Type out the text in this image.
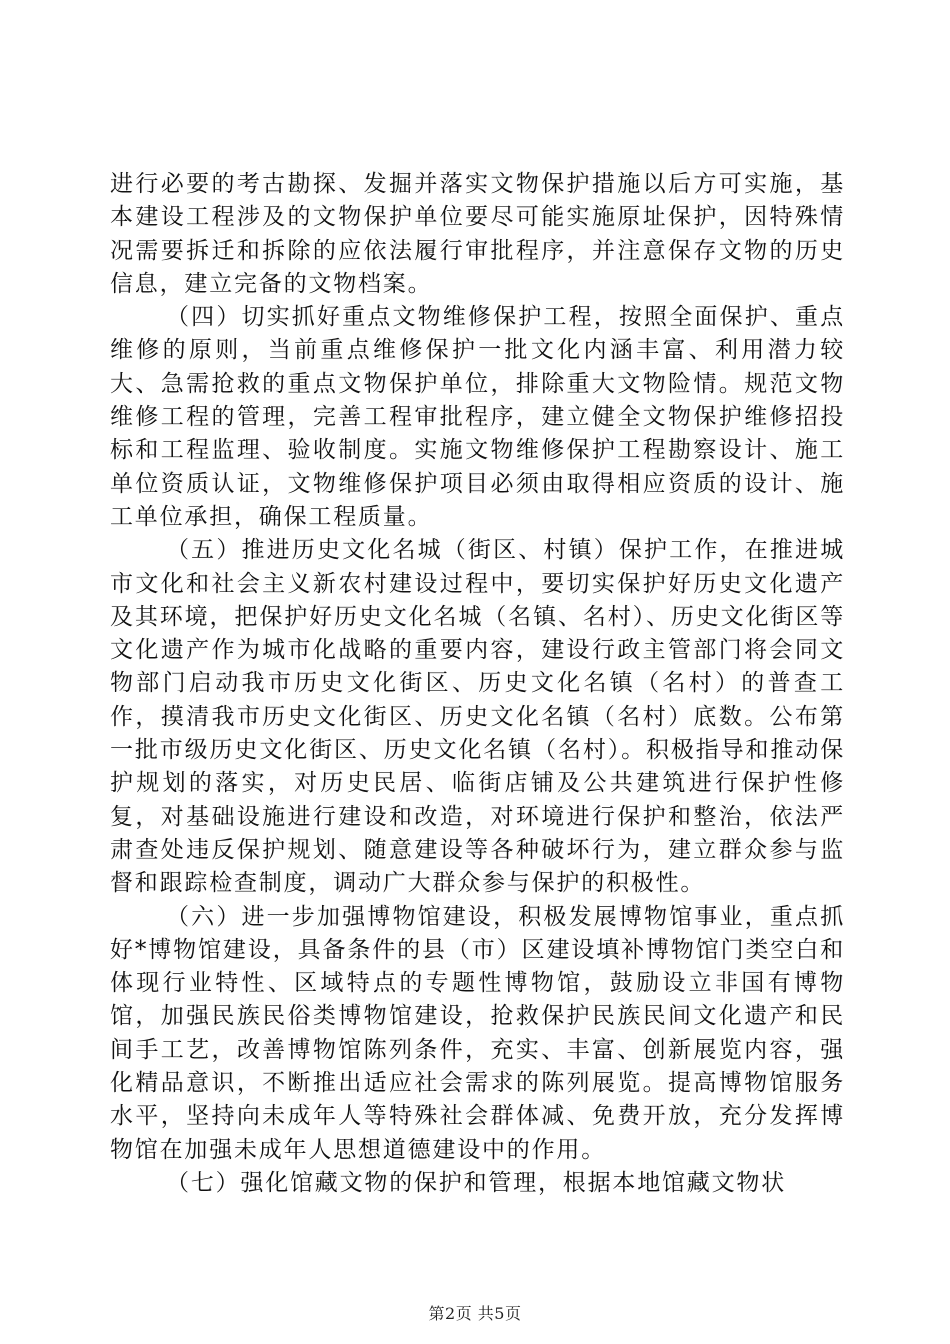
进行必要的考古勘探、发掘并落实文物保护措施以后方可实施，基本建设工程涉及的文物保护单位要尽可能实施原址保护，因特殊情况需要拆迁和拆除的应依法履行审批程序，并注意保存文物的历史信息，建立完备的文物档案。

（四）切实抓好重点文物维修保护工程，按照全面保护、重点维修的原则，当前重点维修保护一批文化内涵丰富、利用潜力较大、急需抢救的重点文物保护单位，排除重大文物险情。规范文物维修工程的管理，完善工程审批程序，建立健全文物保护维修招投标和工程监理、验收制度。实施文物维修保护工程勘察设计、施工单位资质认证，文物维修保护项目必须由取得相应资质的设计、施工单位承担，确保工程质量。

（五）推进历史文化名城（街区、村镇）保护工作，在推进城市文化和社会主义新农村建设过程中，要切实保护好历史文化遗产及其环境，把保护好历史文化名城（名镇、名村）、历史文化街区等文化遗产作为城市化战略的重要内容，建设行政主管部门将会同文物部门启动我市历史文化街区、历史文化名镇（名村）的普查工作，摸清我市历史文化街区、历史文化名镇（名村）底数。公布第一批市级历史文化街区、历史文化名镇（名村）。积极指导和推动保护规划的落实，对历史民居、临街店铺及公共建筑进行保护性修复，对基础设施进行建设和改造，对环境进行保护和整治，依法严肃查处违反保护规划、随意建设等各种破坏行为，建立群众参与监督和跟踪检查制度，调动广大群众参与保护的积极性。

（六）进一步加强博物馆建设，积极发展博物馆事业，重点抓好*博物馆建设，具备条件的县（市）区建设填补博物馆门类空白和体现行业特性、区域特点的专题性博物馆，鼓励设立非国有博物馆，加强民族民俗类博物馆建设，抢救保护民族民间文化遗产和民间手工艺，改善博物馆陈列条件，充实、丰富、创新展览内容，强化精品意识，不断推出适应社会需求的陈列展览。提高博物馆服务水平，坚持向未成年人等特殊社会群体减、免费开放，充分发挥博物馆在加强未成年人思想道德建设中的作用。

（七）强化馆藏文物的保护和管理，根据本地馆藏文物状

第2页 共5页
